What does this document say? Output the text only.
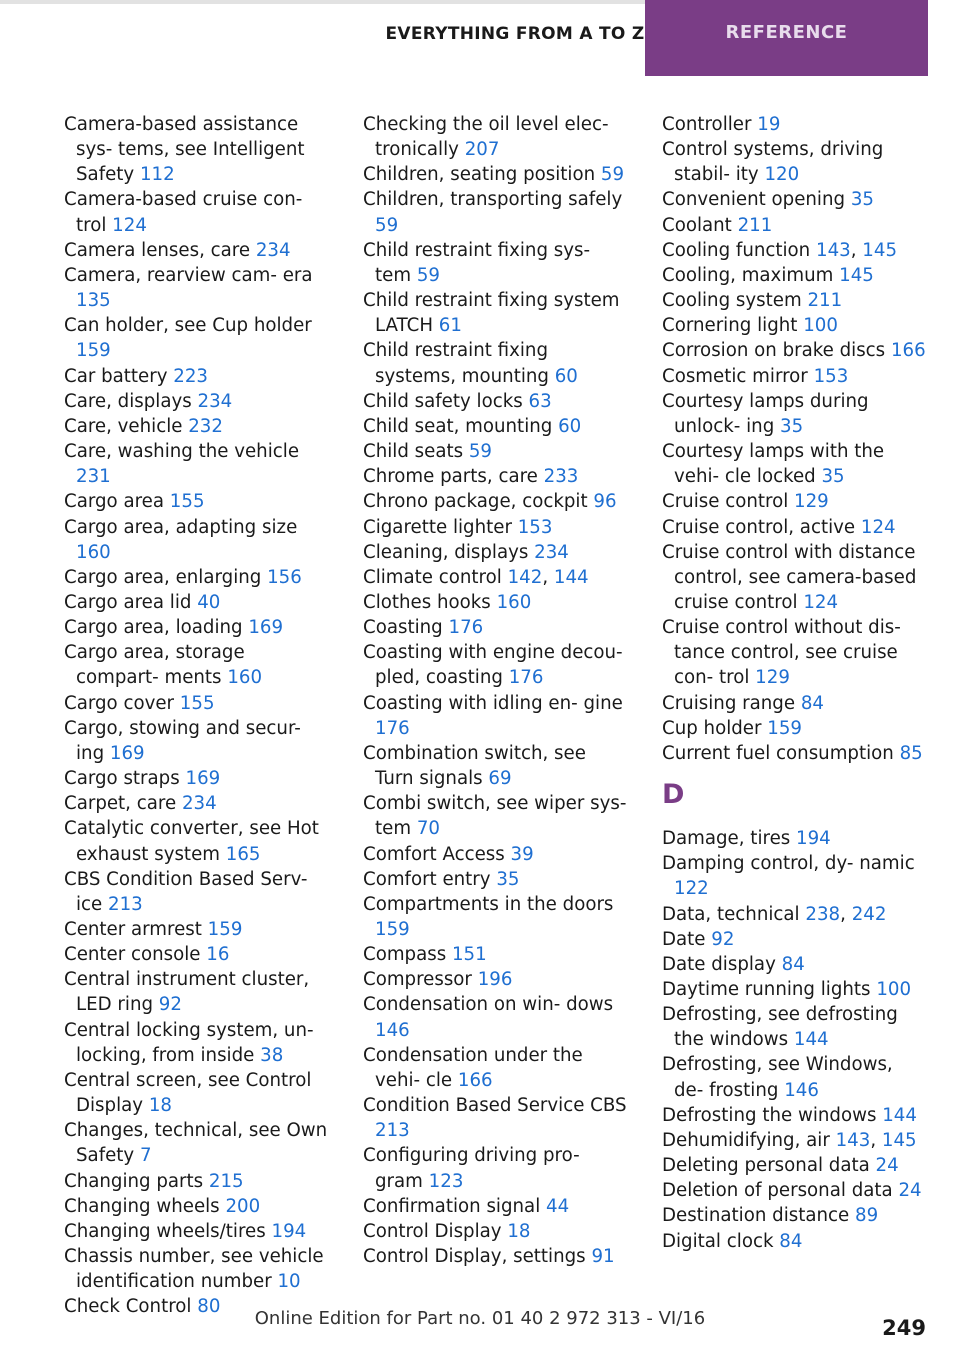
EVERYTHING FROM A TO Z	REFERENCE
Camera-based assistance sys- tems, see Intelligent Safety 112
Camera-based cruise con- trol 124
Camera lenses, care 234
Camera, rearview cam- era 135
Can holder, see Cup holder 159
Car battery 223
Care, displays 234
Care, vehicle 232
Care, washing the vehicle 231
Cargo area 155
Cargo area, adapting size 160
Cargo area, enlarging 156
Cargo area lid 40
Cargo area, loading 169
Cargo area, storage compart- ments 160
Cargo cover 155
Cargo, stowing and secur- ing 169
Cargo straps 169
Carpet, care 234
Catalytic converter, see Hot exhaust system 165
CBS Condition Based Serv- ice 213
Center armrest 159
Center console 16
Central instrument cluster, LED ring 92
Central locking system, un- locking, from inside 38
Central screen, see Control Display 18
Changes, technical, see Own Safety 7
Changing parts 215
Changing wheels 200
Changing wheels/tires 194
Chassis number, see vehicle identification number 10
Check Control 80
Checking the oil level elec- tronically 207
Children, seating position 59
Children, transporting safely 59
Child restraint fixing sys- tem 59
Child restraint fixing system LATCH 61
Child restraint fixing systems, mounting 60
Child safety locks 63
Child seat, mounting 60
Child seats 59
Chrome parts, care 233
Chrono package, cockpit 96
Cigarette lighter 153
Cleaning, displays 234
Climate control 142, 144
Clothes hooks 160
Coasting 176
Coasting with engine decou- pled, coasting 176
Coasting with idling en- gine 176
Combination switch, see Turn signals 69
Combi switch, see wiper sys- tem 70
Comfort Access 39
Comfort entry 35
Compartments in the doors 159
Compass 151
Compressor 196
Condensation on win- dows 146
Condensation under the vehi- cle 166
Condition Based Service CBS 213
Configuring driving pro- gram 123
Confirmation signal 44
Control Display 18
Control Display, settings 91
Controller 19
Control systems, driving stabil- ity 120
Convenient opening 35
Coolant 211
Cooling function 143, 145
Cooling, maximum 145
Cooling system 211
Cornering light 100
Corrosion on brake discs 166
Cosmetic mirror 153
Courtesy lamps during unlock- ing 35
Courtesy lamps with the vehi- cle locked 35
Cruise control 129
Cruise control, active 124
Cruise control with distance control, see camera-based cruise control 124
Cruise control without dis- tance control, see cruise con- trol 129
Cruising range 84
Cup holder 159
Current fuel consumption 85
D
Damage, tires 194
Damping control, dy- namic 122
Data, technical 238, 242
Date 92
Date display 84
Daytime running lights 100
Defrosting, see defrosting the windows 144
Defrosting, see Windows, de- frosting 146
Defrosting the windows 144
Dehumidifying, air 143, 145
Deleting personal data 24
Deletion of personal data 24
Destination distance 89
Digital clock 84
Online Edition for Part no. 01 40 2 972 313 - VI/16	249
